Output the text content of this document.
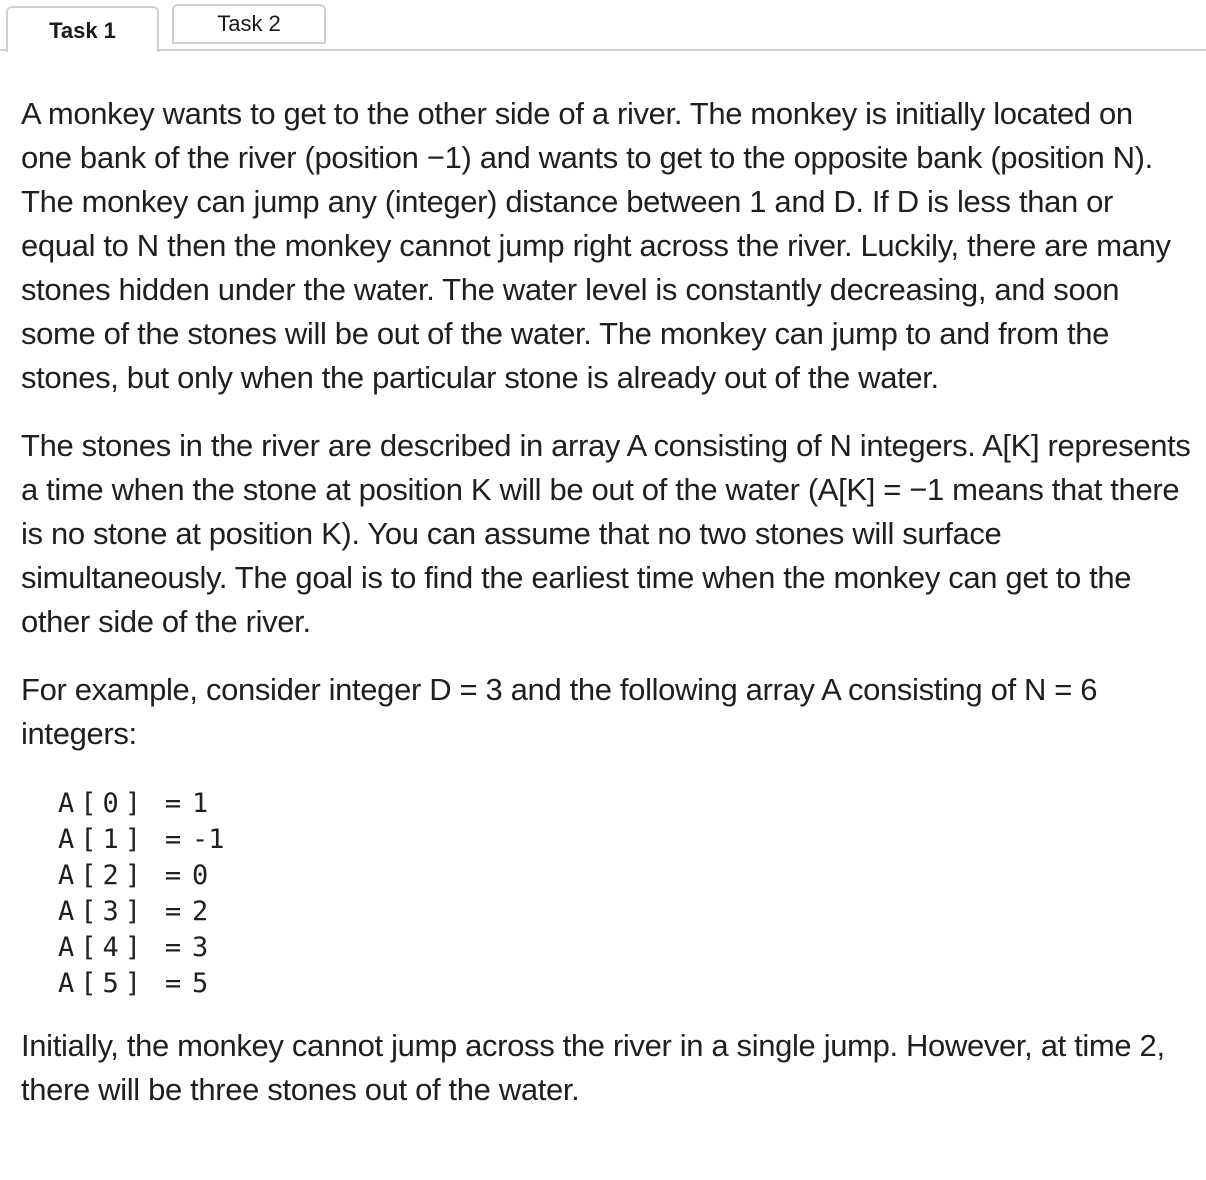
Task 1	Task 2

A monkey wants to get to the other side of a river. The monkey is initially located on one bank of the river (position −1) and wants to get to the opposite bank (position N). The monkey can jump any (integer) distance between 1 and D. If D is less than or equal to N then the monkey cannot jump right across the river. Luckily, there are many stones hidden under the water. The water level is constantly decreasing, and soon some of the stones will be out of the water. The monkey can jump to and from the stones, but only when the particular stone is already out of the water.

The stones in the river are described in array A consisting of N integers. A[K] represents a time when the stone at position K will be out of the water (A[K] = −1 means that there is no stone at position K). You can assume that no two stones will surface simultaneously. The goal is to find the earliest time when the monkey can get to the other side of the river.

For example, consider integer D = 3 and the following array A consisting of N = 6 integers:

A[0] = 1
A[1] = -1
A[2] = 0
A[3] = 2
A[4] = 3
A[5] = 5

Initially, the monkey cannot jump across the river in a single jump. However, at time 2, there will be three stones out of the water.
